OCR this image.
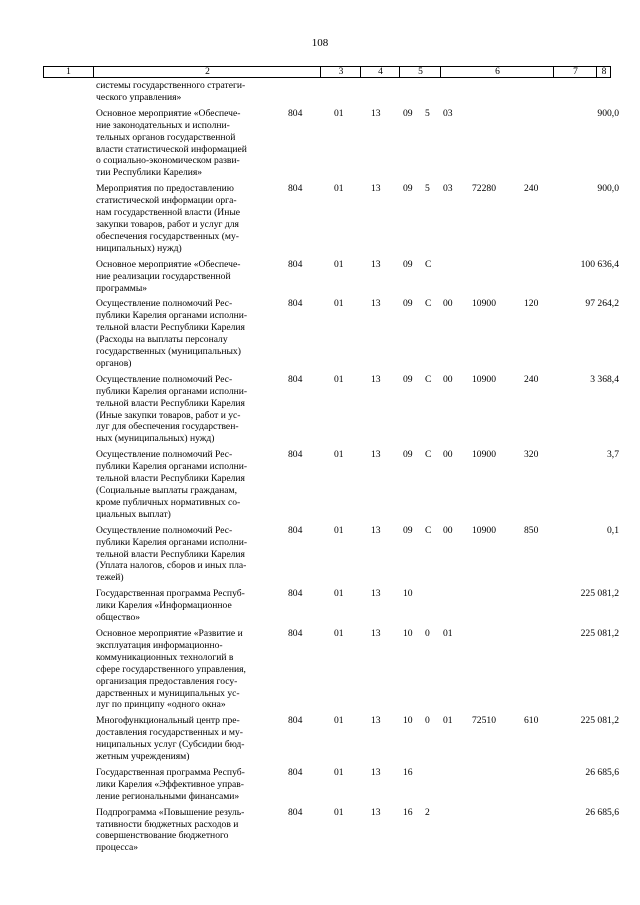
108
1	2	3	4	5	6	7	8
системы государственного стратеги-
ческого управления»
Основное мероприятие «Обеспече-
ние законодательных и исполни-
тельных органов государственной
власти статистической информацией
о социально-экономическом разви-
тии Республики Карелия»
804	01	13 09 5 03	900,0
Мероприятия по предоставлению
статистической информации орга-
нам государственной власти (Иные
закупки товаров, работ и услуг для
обеспечения государственных (му-
ниципальных) нужд)
804	01	13 09 5 03 72280	240	900,0
Основное мероприятие «Обеспече-
ние реализации государственной
программы»
804	01	13 09 С	100 636,4
Осуществление полномочий Рес-
публики Карелия органами исполни-
тельной власти Республики Карелия
(Расходы на выплаты персоналу
государственных (муниципальных)
органов)
804	01	13 09 С 00 10900	120	97 264,2
Осуществление полномочий Рес-
публики Карелия органами исполни-
тельной власти Республики Карелия
(Иные закупки товаров, работ и ус-
луг для обеспечения государствен-
ных (муниципальных) нужд)
804	01	13 09 С 00 10900	240	3 368,4
Осуществление полномочий Рес-
публики Карелия органами исполни-
тельной власти Республики Карелия
(Социальные выплаты гражданам,
кроме публичных нормативных со-
циальных выплат)
804	01	13 09 С 00 10900	320	3,7
Осуществление полномочий Рес-
публики Карелия органами исполни-
тельной власти Республики Карелия
(Уплата налогов, сборов и иных пла-
тежей)
804	01	13 09 С 00 10900	850	0,1
Государственная программа Респуб-
лики Карелия «Информационное
общество»
804	01	13 10	225 081,2
Основное мероприятие «Развитие и
эксплуатация информационно-
коммуникационных технологий в
сфере государственного управления,
организация предоставления госу-
дарственных и муниципальных ус-
луг по принципу «одного окна»
804	01	13 10 0 01	225 081,2
Многофункциональный центр пре-
доставления государственных и му-
ниципальных услуг (Субсидии бюд-
жетным учреждениям)
804	01	13 10 0 01 72510	610	225 081,2
Государственная программа Респуб-
лики Карелия «Эффективное управ-
ление региональными финансами»
804	01	13 16	26 685,6
Подпрограмма «Повышение резуль-
тативности бюджетных расходов и
совершенствование бюджетного
процесса»
804	01	13 16 2	26 685,6
